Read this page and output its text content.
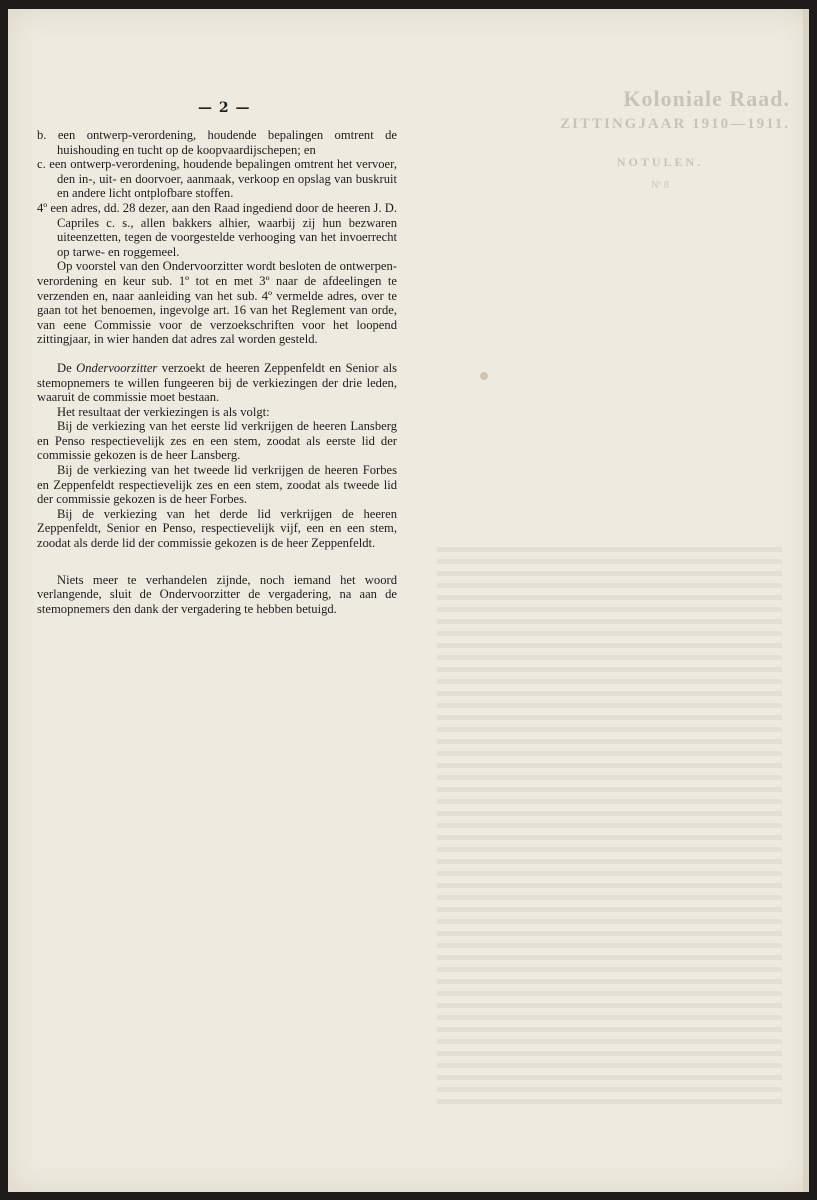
Koloniale Raad.
ZITTINGJAAR 1910—1911.
NOTULEN.
Nº 8
— 2 —

b. een ontwerp-verordening, houdende bepalingen omtrent de huishouding en tucht op de koopvaardijschepen; en

c. een ontwerp-verordening, houdende bepalingen omtrent het vervoer, den in-, uit- en doorvoer, aanmaak, verkoop en opslag van buskruit en andere licht ontplofbare stoffen.

4º een adres, dd. 28 dezer, aan den Raad ingediend door de heeren J. D. Capriles c. s., allen bakkers alhier, waarbij zij hun bezwaren uiteenzetten, tegen de voorgestelde verhooging van het invoerrecht op tarwe- en roggemeel.

Op voorstel van den Ondervoorzitter wordt besloten de ontwerpen-verordening en keur sub. 1º tot en met 3º naar de afdeelingen te verzenden en, naar aanleiding van het sub. 4º vermelde adres, over te gaan tot het benoemen, ingevolge art. 16 van het Reglement van orde, van eene Commissie voor de verzoekschriften voor het loopend zittingjaar, in wier handen dat adres zal worden gesteld.

De Ondervoorzitter verzoekt de heeren Zeppenfeldt en Senior als stemopnemers te willen fungeeren bij de verkiezingen der drie leden, waaruit de commissie moet bestaan.

Het resultaat der verkiezingen is als volgt:

Bij de verkiezing van het eerste lid verkrijgen de heeren Lansberg en Penso respectievelijk zes en een stem, zoodat als eerste lid der commissie gekozen is de heer Lansberg.

Bij de verkiezing van het tweede lid verkrijgen de heeren Forbes en Zeppenfeldt respectievelijk zes en een stem, zoodat als tweede lid der commissie gekozen is de heer Forbes.

Bij de verkiezing van het derde lid verkrijgen de heeren Zeppenfeldt, Senior en Penso, respectievelijk vijf, een en een stem, zoodat als derde lid der commissie gekozen is de heer Zeppenfeldt.

Niets meer te verhandelen zijnde, noch iemand het woord verlangende, sluit de Ondervoorzitter de vergadering, na aan de stemopnemers den dank der vergadering te hebben betuigd.
